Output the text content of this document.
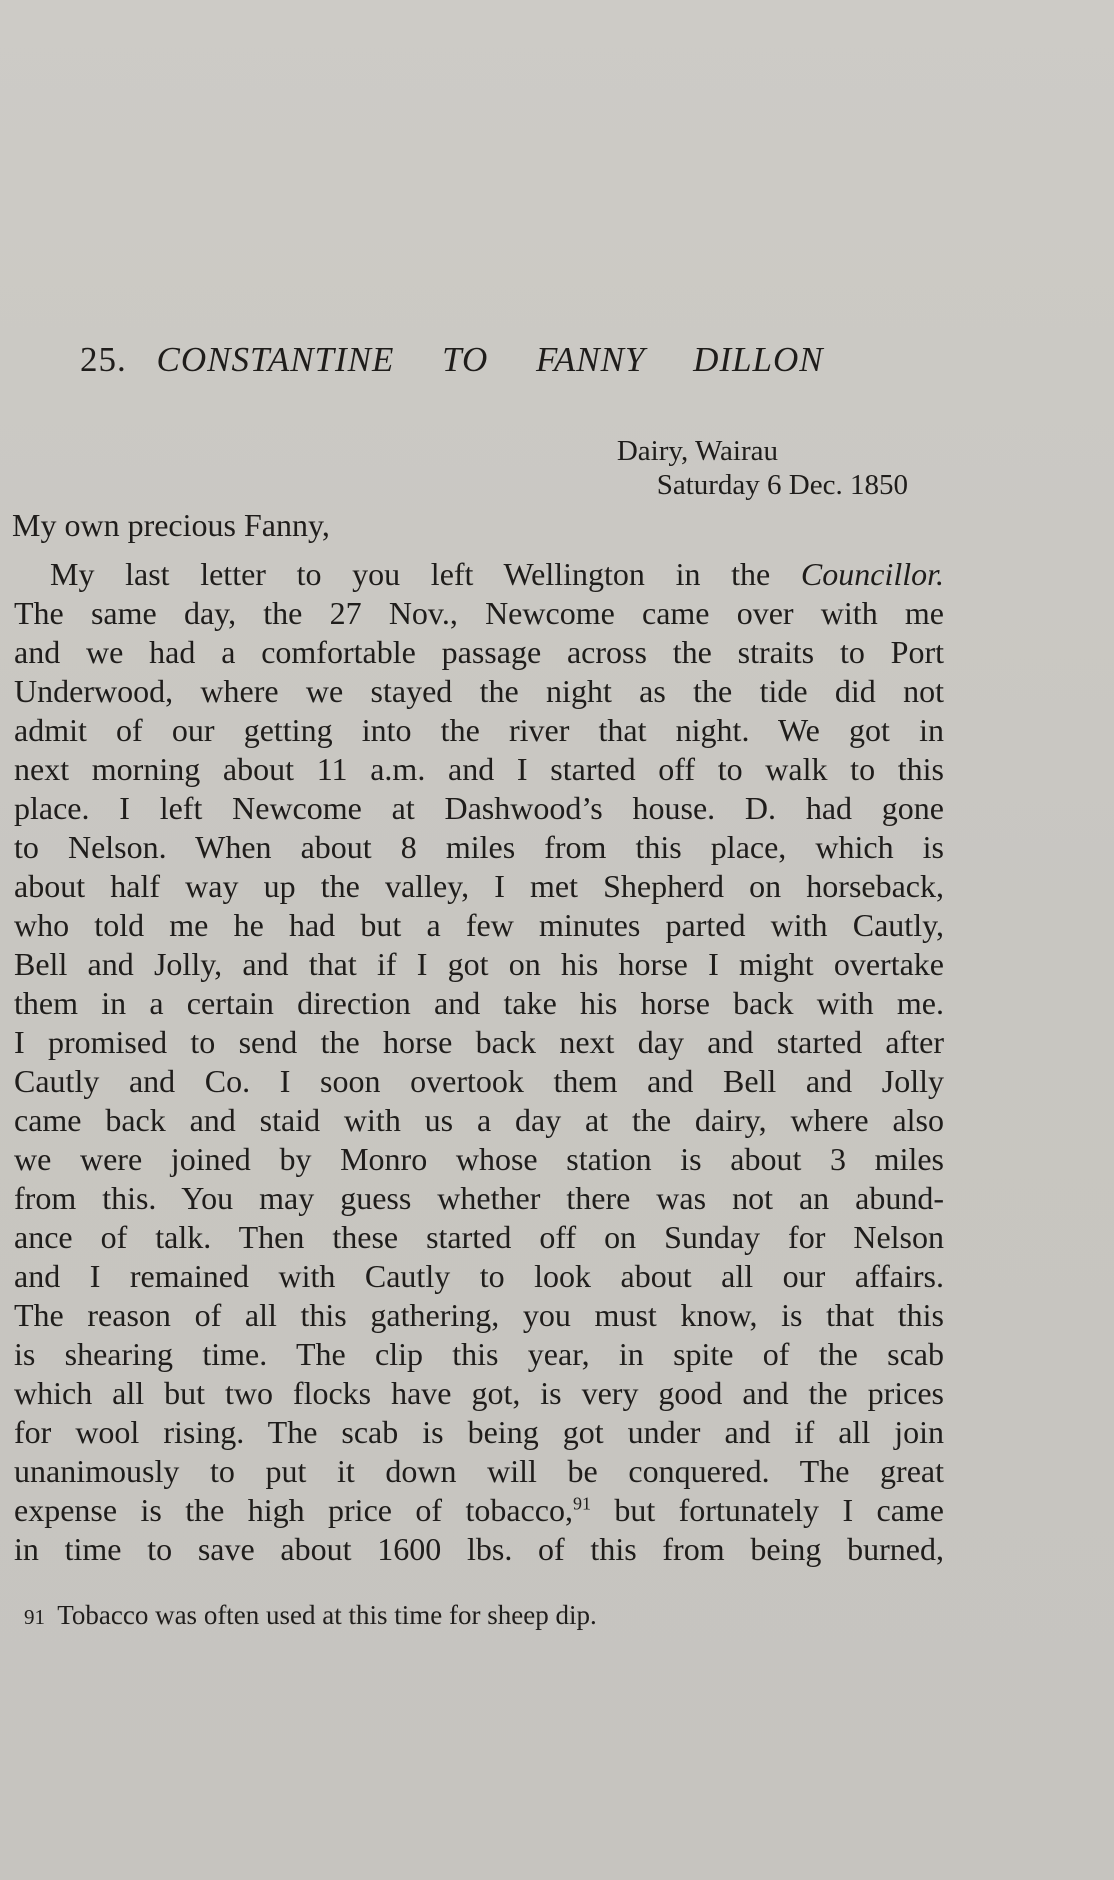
25. CONSTANTINE TO FANNY DILLON
Dairy, Wairau
Saturday 6 Dec. 1850
My own precious Fanny,
My last letter to you left Wellington in the Councillor.
The same day, the 27 Nov., Newcome came over with me
and we had a comfortable passage across the straits to Port
Underwood, where we stayed the night as the tide did not
admit of our getting into the river that night. We got in
next morning about 11 a.m. and I started off to walk to this
place. I left Newcome at Dashwood’s house. D. had gone
to Nelson. When about 8 miles from this place, which is
about half way up the valley, I met Shepherd on horseback,
who told me he had but a few minutes parted with Cautly,
Bell and Jolly, and that if I got on his horse I might overtake
them in a certain direction and take his horse back with me.
I promised to send the horse back next day and started after
Cautly and Co. I soon overtook them and Bell and Jolly
came back and staid with us a day at the dairy, where also
we were joined by Monro whose station is about 3 miles
from this. You may guess whether there was not an abund-
ance of talk. Then these started off on Sunday for Nelson
and I remained with Cautly to look about all our affairs.
The reason of all this gathering, you must know, is that this
is shearing time. The clip this year, in spite of the scab
which all but two flocks have got, is very good and the prices
for wool rising. The scab is being got under and if all join
unanimously to put it down will be conquered. The great
expense is the high price of tobacco,$^{91}$ but fortunately I came
in time to save about 1600 lbs. of this from being burned,
91 Tobacco was often used at this time for sheep dip.
